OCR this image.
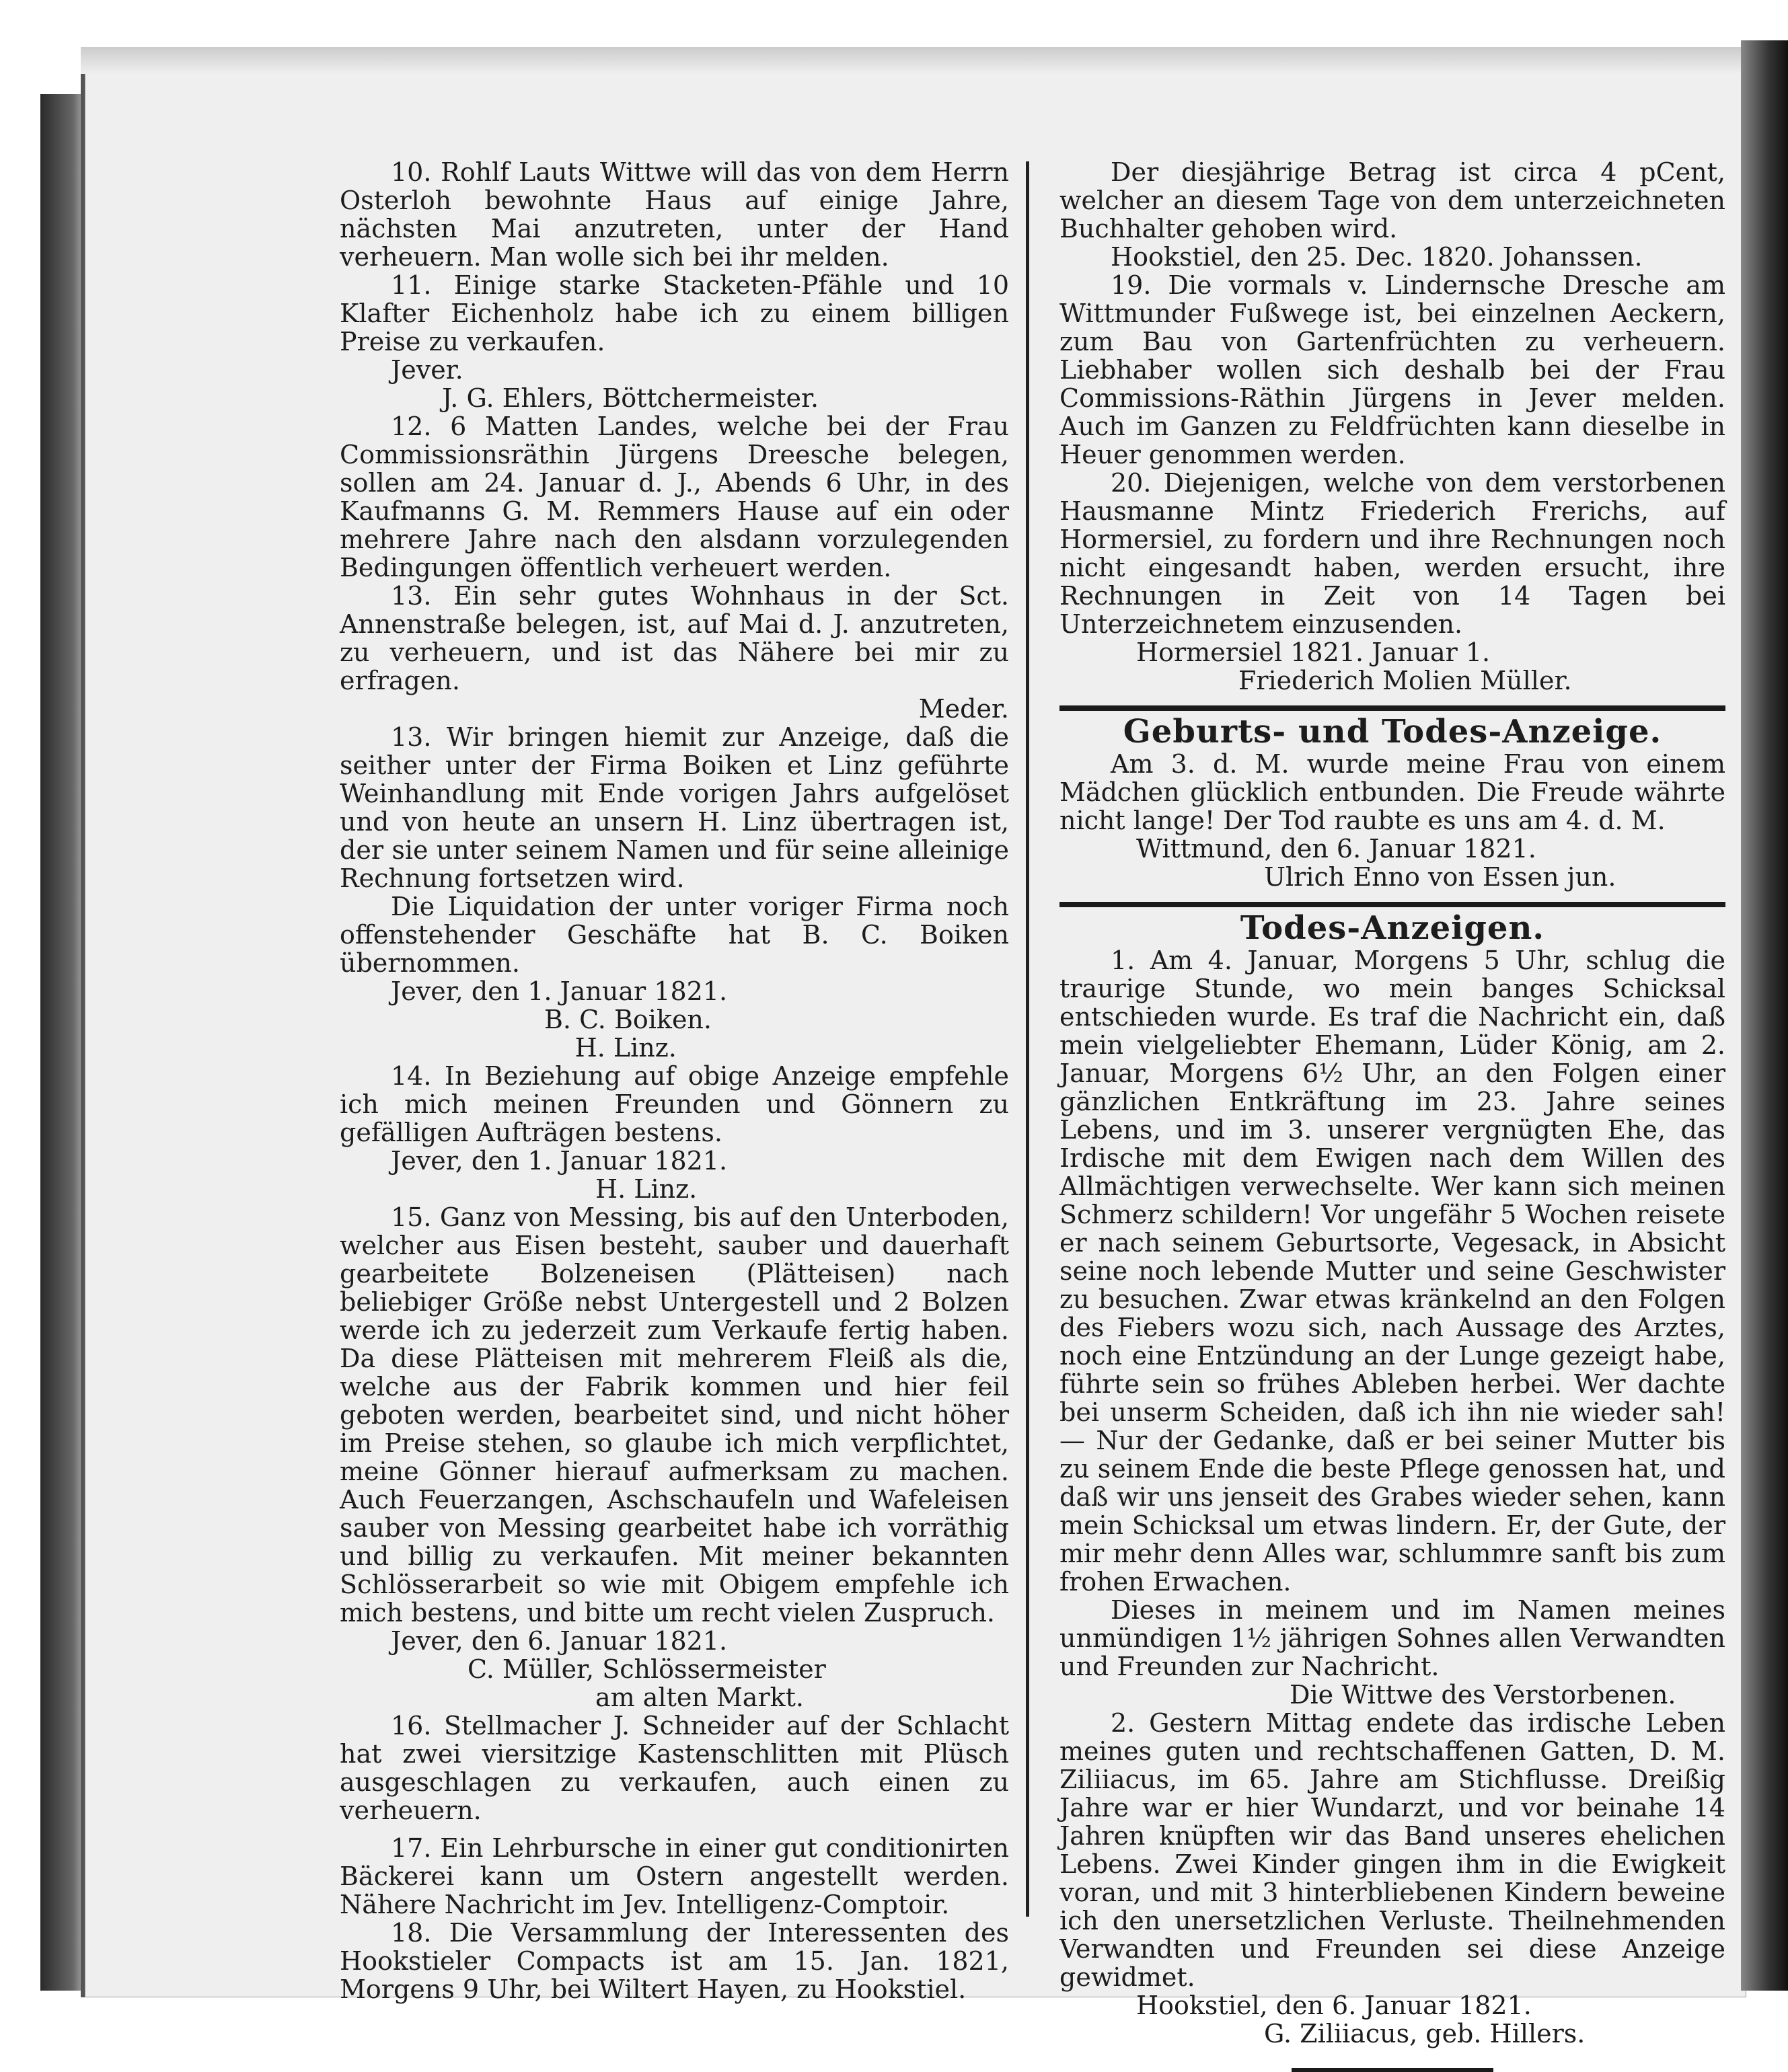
10. Rohlf Lauts Wittwe will das von dem Herrn Osterloh bewohnte Haus auf einige Jahre, nächsten Mai anzutreten, unter der Hand verheuern. Man wolle sich bei ihr melden.

11. Einige starke Stacketen-Pfähle und 10 Klafter Eichenholz habe ich zu einem billigen Preise zu verkaufen.

Jever.

J. G. Ehlers, Böttchermeister.

12. 6 Matten Landes, welche bei der Frau Commissionsräthin Jürgens Dreesche belegen, sollen am 24. Januar d. J., Abends 6 Uhr, in des Kaufmanns G. M. Remmers Hause auf ein oder mehrere Jahre nach den alsdann vorzulegenden Bedingungen öffentlich verheuert werden.

13. Ein sehr gutes Wohnhaus in der Sct. Annenstraße belegen, ist, auf Mai d. J. anzutreten, zu verheuern, und ist das Nähere bei mir zu erfragen.

Meder.

13. Wir bringen hiemit zur Anzeige, daß die seither unter der Firma Boiken et Linz geführte Weinhandlung mit Ende vorigen Jahrs aufgelöset und von heute an unsern H. Linz übertragen ist, der sie unter seinem Namen und für seine alleinige Rechnung fortsetzen wird.

Die Liquidation der unter voriger Firma noch offenstehender Geschäfte hat B. C. Boiken übernommen.

Jever, den 1. Januar 1821.

B. C. Boiken.

H. Linz.

14. In Beziehung auf obige Anzeige empfehle ich mich meinen Freunden und Gönnern zu gefälligen Aufträgen bestens.

Jever, den 1. Januar 1821.

H. Linz.

15. Ganz von Messing, bis auf den Unterboden, welcher aus Eisen besteht, sauber und dauerhaft gearbeitete Bolzeneisen (Plätteisen) nach beliebiger Größe nebst Untergestell und 2 Bolzen werde ich zu jederzeit zum Verkaufe fertig haben. Da diese Plätteisen mit mehrerem Fleiß als die, welche aus der Fabrik kommen und hier feil geboten werden, bearbeitet sind, und nicht höher im Preise stehen, so glaube ich mich verpflichtet, meine Gönner hierauf aufmerksam zu machen. Auch Feuerzangen, Aschschaufeln und Wafeleisen sauber von Messing gearbeitet habe ich vorräthig und billig zu verkaufen. Mit meiner bekannten Schlösserarbeit so wie mit Obigem empfehle ich mich bestens, und bitte um recht vielen Zuspruch.

Jever, den 6. Januar 1821.

C. Müller, Schlössermeister

am alten Markt.

16. Stellmacher J. Schneider auf der Schlacht hat zwei viersitzige Kastenschlitten mit Plüsch ausgeschlagen zu verkaufen, auch einen zu verheuern.

17. Ein Lehrbursche in einer gut conditionirten Bäckerei kann um Ostern angestellt werden. Nähere Nachricht im Jev. Intelligenz-Comptoir.

18. Die Versammlung der Interessenten des Hookstieler Compacts ist am 15. Jan. 1821, Morgens 9 Uhr, bei Wiltert Hayen, zu Hookstiel.

Der diesjährige Betrag ist circa 4 pCent, welcher an diesem Tage von dem unterzeichneten Buchhalter gehoben wird.

Hookstiel, den 25. Dec. 1820. Johanssen.

19. Die vormals v. Lindernsche Dresche am Wittmunder Fußwege ist, bei einzelnen Aeckern, zum Bau von Gartenfrüchten zu verheuern. Liebhaber wollen sich deshalb bei der Frau Commissions-Räthin Jürgens in Jever melden. Auch im Ganzen zu Feldfrüchten kann dieselbe in Heuer genommen werden.

20. Diejenigen, welche von dem verstorbenen Hausmanne Mintz Friederich Frerichs, auf Hormersiel, zu fordern und ihre Rechnungen noch nicht eingesandt haben, werden ersucht, ihre Rechnungen in Zeit von 14 Tagen bei Unterzeichnetem einzusenden.

Hormersiel 1821. Januar 1.

Friederich Molien Müller.

Geburts- und Todes-Anzeige.

Am 3. d. M. wurde meine Frau von einem Mädchen glücklich entbunden. Die Freude währte nicht lange! Der Tod raubte es uns am 4. d. M.

Wittmund, den 6. Januar 1821.

Ulrich Enno von Essen jun.

Todes-Anzeigen.

1. Am 4. Januar, Morgens 5 Uhr, schlug die traurige Stunde, wo mein banges Schicksal entschieden wurde. Es traf die Nachricht ein, daß mein vielgeliebter Ehemann, Lüder König, am 2. Januar, Morgens 6½ Uhr, an den Folgen einer gänzlichen Entkräftung im 23. Jahre seines Lebens, und im 3. unserer vergnügten Ehe, das Irdische mit dem Ewigen nach dem Willen des Allmächtigen verwechselte. Wer kann sich meinen Schmerz schildern! Vor ungefähr 5 Wochen reisete er nach seinem Geburtsorte, Vegesack, in Absicht seine noch lebende Mutter und seine Geschwister zu besuchen. Zwar etwas kränkelnd an den Folgen des Fiebers wozu sich, nach Aussage des Arztes, noch eine Entzündung an der Lunge gezeigt habe, führte sein so frühes Ableben herbei. Wer dachte bei unserm Scheiden, daß ich ihn nie wieder sah! — Nur der Gedanke, daß er bei seiner Mutter bis zu seinem Ende die beste Pflege genossen hat, und daß wir uns jenseit des Grabes wieder sehen, kann mein Schicksal um etwas lindern. Er, der Gute, der mir mehr denn Alles war, schlummre sanft bis zum frohen Erwachen.

Dieses in meinem und im Namen meines unmündigen 1½ jährigen Sohnes allen Verwandten und Freunden zur Nachricht.

Die Wittwe des Verstorbenen.

2. Gestern Mittag endete das irdische Leben meines guten und rechtschaffenen Gatten, D. M. Ziliiacus, im 65. Jahre am Stichflusse. Dreißig Jahre war er hier Wundarzt, und vor beinahe 14 Jahren knüpften wir das Band unseres ehelichen Lebens. Zwei Kinder gingen ihm in die Ewigkeit voran, und mit 3 hinterbliebenen Kindern beweine ich den unersetzlichen Verluste. Theilnehmenden Verwandten und Freunden sei diese Anzeige gewidmet.

Hookstiel, den 6. Januar 1821.

G. Ziliiacus, geb. Hillers.
